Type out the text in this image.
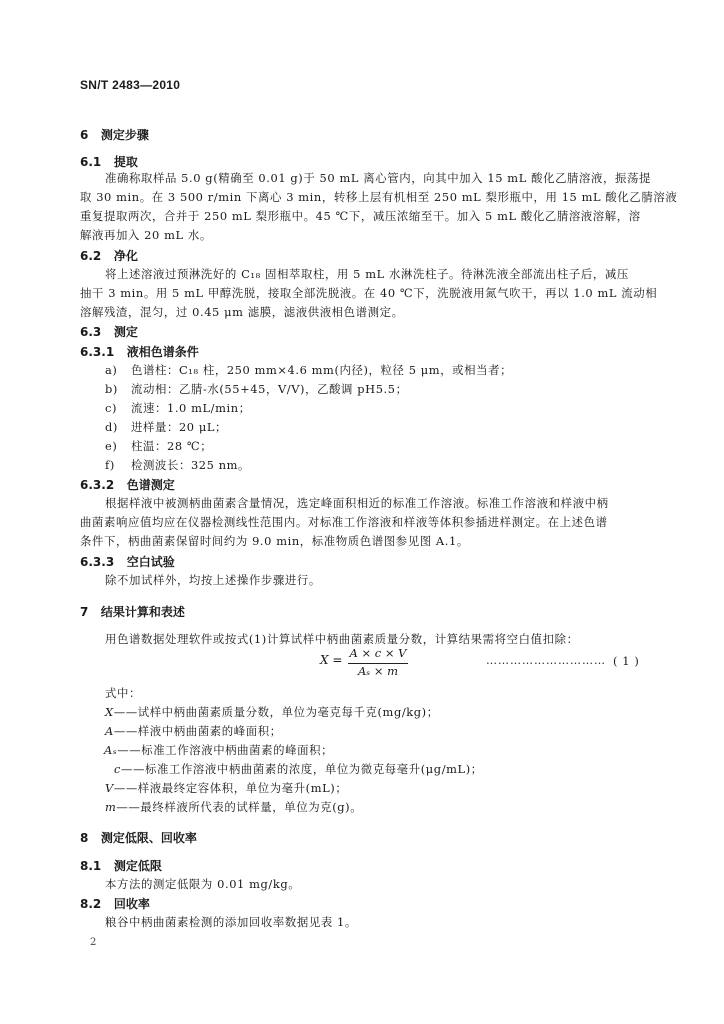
SN/T 2483—2010
6 测定步骤
6.1 提取
准确称取样品 5.0 g(精确至 0.01 g)于 50 mL 离心管内，向其中加入 15 mL 酸化乙腈溶液，振荡提
取 30 min。在 3 500 r/min 下离心 3 min，转移上层有机相至 250 mL 梨形瓶中，用 15 mL 酸化乙腈溶液
重复提取两次，合并于 250 mL 梨形瓶中。45 ℃下，减压浓缩至干。加入 5 mL 酸化乙腈溶液溶解，溶
解液再加入 20 mL 水。
6.2 净化
将上述溶液过预淋洗好的 C₁₈ 固相萃取柱，用 5 mL 水淋洗柱子。待淋洗液全部流出柱子后，减压
抽干 3 min。用 5 mL 甲醇洗脱，接取全部洗脱液。在 40 ℃下，洗脱液用氮气吹干，再以 1.0 mL 流动相
溶解残渣，混匀，过 0.45 μm 滤膜，滤液供液相色谱测定。
6.3 测定
6.3.1 液相色谱条件
a) 色谱柱：C₁₈ 柱，250 mm×4.6 mm(内径)，粒径 5 μm，或相当者；
b) 流动相：乙腈-水(55+45，V/V)，乙酸调 pH5.5；
c) 流速：1.0 mL/min；
d) 进样量：20 μL；
e) 柱温：28 ℃；
f) 检测波长：325 nm。
6.3.2 色谱测定
根据样液中被测柄曲菌素含量情况，选定峰面积相近的标准工作溶液。标准工作溶液和样液中柄
曲菌素响应值均应在仪器检测线性范围内。对标准工作溶液和样液等体积参插进样测定。在上述色谱
条件下，柄曲菌素保留时间约为 9.0 min，标准物质色谱图参见图 A.1。
6.3.3 空白试验
除不加试样外，均按上述操作步骤进行。
7 结果计算和表述
用色谱数据处理软件或按式(1)计算试样中柄曲菌素质量分数，计算结果需将空白值扣除：
X = A × c × V
Aₛ × m
………………………… ( 1 )
式中：
X——试样中柄曲菌素质量分数，单位为毫克每千克(mg/kg)；
A——样液中柄曲菌素的峰面积；
Aₛ——标准工作溶液中柄曲菌素的峰面积；
c——标准工作溶液中柄曲菌素的浓度，单位为微克每毫升(μg/mL)；
V——样液最终定容体积，单位为毫升(mL)；
m——最终样液所代表的试样量，单位为克(g)。
8 测定低限、回收率
8.1 测定低限
本方法的测定低限为 0.01 mg/kg。
8.2 回收率
粮谷中柄曲菌素检测的添加回收率数据见表 1。
2
